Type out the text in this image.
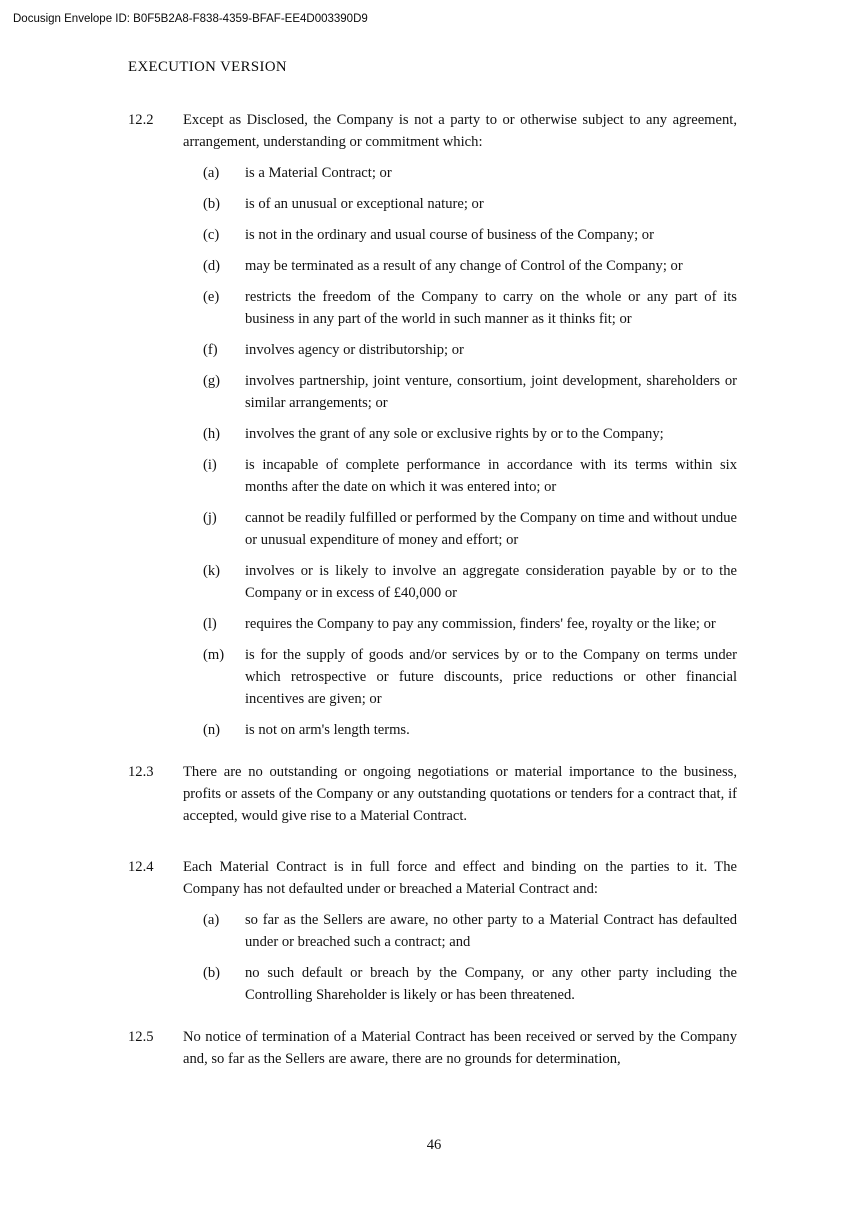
Docusign Envelope ID: B0F5B2A8-F838-4359-BFAF-EE4D003390D9
EXECUTION VERSION
12.2	Except as Disclosed, the Company is not a party to or otherwise subject to any agreement, arrangement, understanding or commitment which:

(a)	is a Material Contract; or
(b)	is of an unusual or exceptional nature; or
(c)	is not in the ordinary and usual course of business of the Company; or
(d)	may be terminated as a result of any change of Control of the Company; or
(e)	restricts the freedom of the Company to carry on the whole or any part of its business in any part of the world in such manner as it thinks fit; or
(f)	involves agency or distributorship; or
(g)	involves partnership, joint venture, consortium, joint development, shareholders or similar arrangements; or
(h)	involves the grant of any sole or exclusive rights by or to the Company;
(i)	is incapable of complete performance in accordance with its terms within six months after the date on which it was entered into; or
(j)	cannot be readily fulfilled or performed by the Company on time and without undue or unusual expenditure of money and effort; or
(k)	involves or is likely to involve an aggregate consideration payable by or to the Company or in excess of £40,000 or
(l)	requires the Company to pay any commission, finders' fee, royalty or the like; or
(m)	is for the supply of goods and/or services by or to the Company on terms under which retrospective or future discounts, price reductions or other financial incentives are given; or
(n)	is not on arm's length terms.
12.3	There are no outstanding or ongoing negotiations or material importance to the business, profits or assets of the Company or any outstanding quotations or tenders for a contract that, if accepted, would give rise to a Material Contract.

12.4	Each Material Contract is in full force and effect and binding on the parties to it. The Company has not defaulted under or breached a Material Contract and:

(a)	so far as the Sellers are aware, no other party to a Material Contract has defaulted under or breached such a contract; and
(b)	no such default or breach by the Company, or any other party including the Controlling Shareholder is likely or has been threatened.
12.5	No notice of termination of a Material Contract has been received or served by the Company and, so far as the Sellers are aware, there are no grounds for determination,

46
